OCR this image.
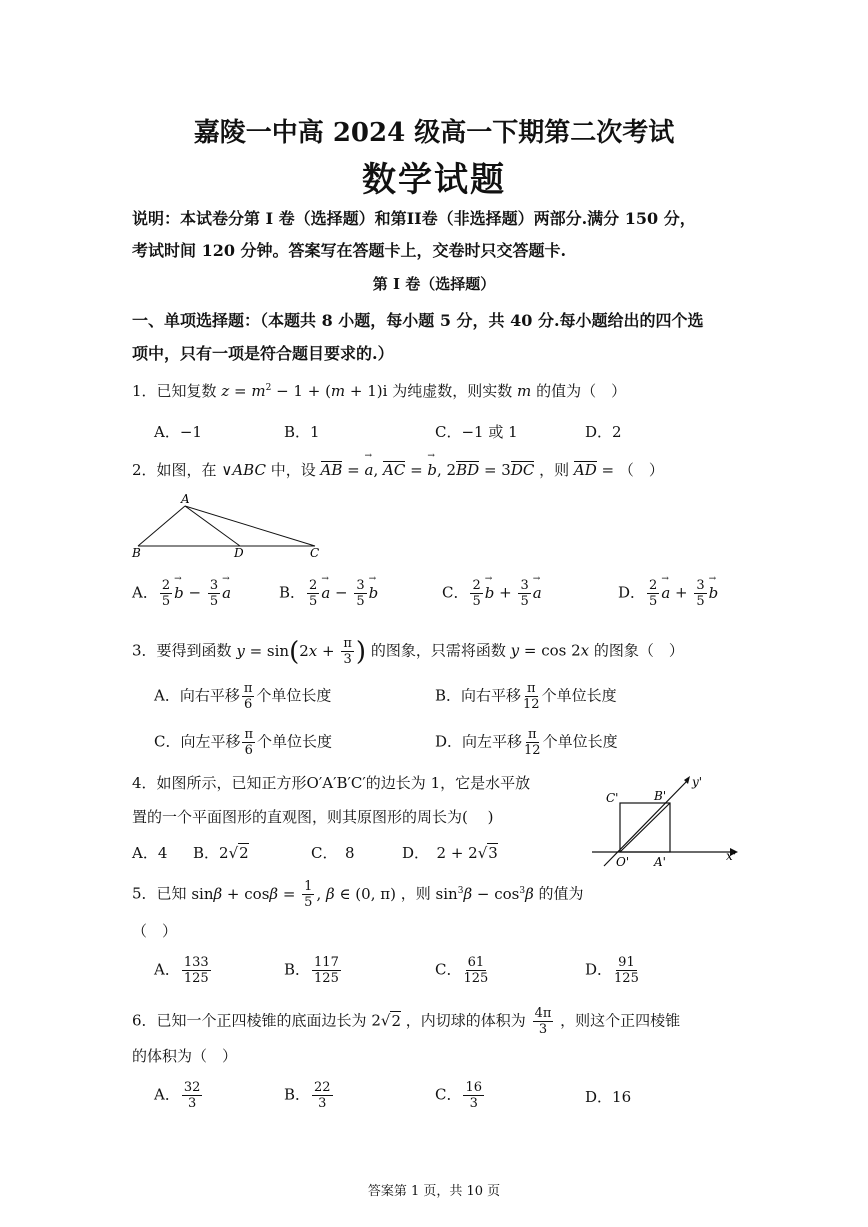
嘉陵一中高 2024 级高一下期第二次考试
数学试题
说明：本试卷分第 I 卷（选择题）和第II卷（非选择题）两部分.满分 150 分，
考试时间 120 分钟。答案写在答题卡上，交卷时只交答题卡.
第 I 卷（选择题）
一、单项选择题：（本题共 8 小题，每小题 5 分，共 40 分.每小题给出的四个选
项中，只有一项是符合题目要求的.）
1．已知复数 $z = m^2 - 1 + (m + 1)i$ 为纯虚数，则实数 m 的值为（　）
A．−1	B．1	C．−1 或 1	D．2
2．如图，在 ∨ABC 中，设 AB = → a, AC = → b, 2BD = 3DC ，则 AD = （　）
A
B	D	C
A． $\frac{2}{5}$
→ $b - \frac{3}{5}$
→ a	B． $\frac{2}{5}$
→ $a - \frac{3}{5}$
→ b	C． $\frac{2}{5}$
→ $b + \frac{3}{5}$
→ a	D． $\frac{2}{5}$
→ $a + \frac{3}{5}$
→ b
3．要得到函数 $y = \sin(2x + \frac{\pi}{3}$ ) 的图象，只需将函数 y = cos 2x 的图象（　）
A．向右平移 $\frac{\pi}{6}$ 个单位长度	B．向右平移 $\frac{\pi}{12}$ 个单位长度
C．向左平移 $\frac{\pi}{6}$ 个单位长度	D．向左平移 $\frac{\pi}{12}$ 个单位长度
4．如图所示，已知正方形O′A′B′C′的边长为 1，它是水平放
置的一个平面图形的直观图，则其原图形的周长为(　 )
A．4 B．2√2	C．　8	D．　2 + 2√3
C'	B'
y'
O' A'	x'
5．已知 $\sin\beta + \cos\beta = \frac{1}{5}$ , β ∈ (0, π) ，则 $\sin^3\beta - \cos^3\beta$ 的值为
（　）
A． $\frac{133}{125}$	B． $\frac{117}{125}$	C． $\frac{61}{125}$	D． $\frac{91}{125}$
6．已知一个正四棱锥的底面边长为 2√2 ，内切球的体积为 $\frac{4\pi}{3}$ ，则这个正四棱锥
的体积为（　）
A． $\frac{32}{3}$	B． $\frac{22}{3}$	C． $\frac{16}{3}$	D．16
答案第 1 页，共 10 页
